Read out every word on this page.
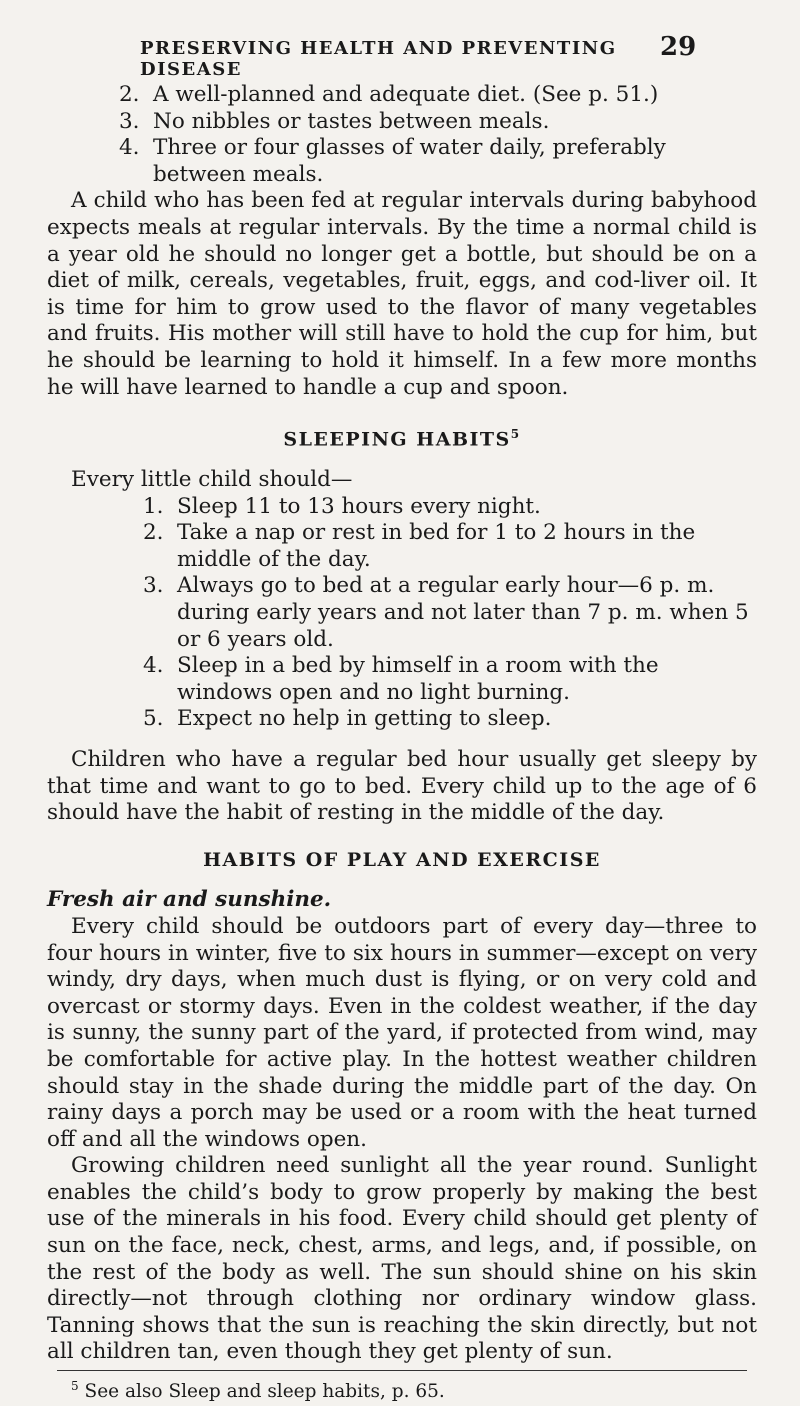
PRESERVING HEALTH AND PREVENTING DISEASE
29
2. A well-planned and adequate diet. (See p. 51.)
3. No nibbles or tastes between meals.
4. Three or four glasses of water daily, preferably between meals.

A child who has been fed at regular intervals during babyhood expects meals at regular intervals. By the time a normal child is a year old he should no longer get a bottle, but should be on a diet of milk, cereals, vegetables, fruit, eggs, and cod-liver oil. It is time for him to grow used to the flavor of many vegetables and fruits. His mother will still have to hold the cup for him, but he should be learning to hold it himself. In a few more months he will have learned to handle a cup and spoon.

SLEEPING HABITS$^5$

Every little child should—

1. Sleep 11 to 13 hours every night.
2. Take a nap or rest in bed for 1 to 2 hours in the middle of the day.
3. Always go to bed at a regular early hour—6 p. m. during early years and not later than 7 p. m. when 5 or 6 years old.
4. Sleep in a bed by himself in a room with the windows open and no light burning.
5. Expect no help in getting to sleep.

Children who have a regular bed hour usually get sleepy by that time and want to go to bed. Every child up to the age of 6 should have the habit of resting in the middle of the day.

HABITS OF PLAY AND EXERCISE

Fresh air and sunshine.

Every child should be outdoors part of every day—three to four hours in winter, five to six hours in summer—except on very windy, dry days, when much dust is flying, or on very cold and overcast or stormy days. Even in the coldest weather, if the day is sunny, the sunny part of the yard, if protected from wind, may be comfortable for active play. In the hottest weather children should stay in the shade during the middle part of the day. On rainy days a porch may be used or a room with the heat turned off and all the windows open.

Growing children need sunlight all the year round. Sunlight enables the child’s body to grow properly by making the best use of the minerals in his food. Every child should get plenty of sun on the face, neck, chest, arms, and legs, and, if possible, on the rest of the body as well. The sun should shine on his skin directly—not through clothing nor ordinary window glass. Tanning shows that the sun is reaching the skin directly, but not all children tan, even though they get plenty of sun.

$^5$ See also Sleep and sleep habits, p. 65.
